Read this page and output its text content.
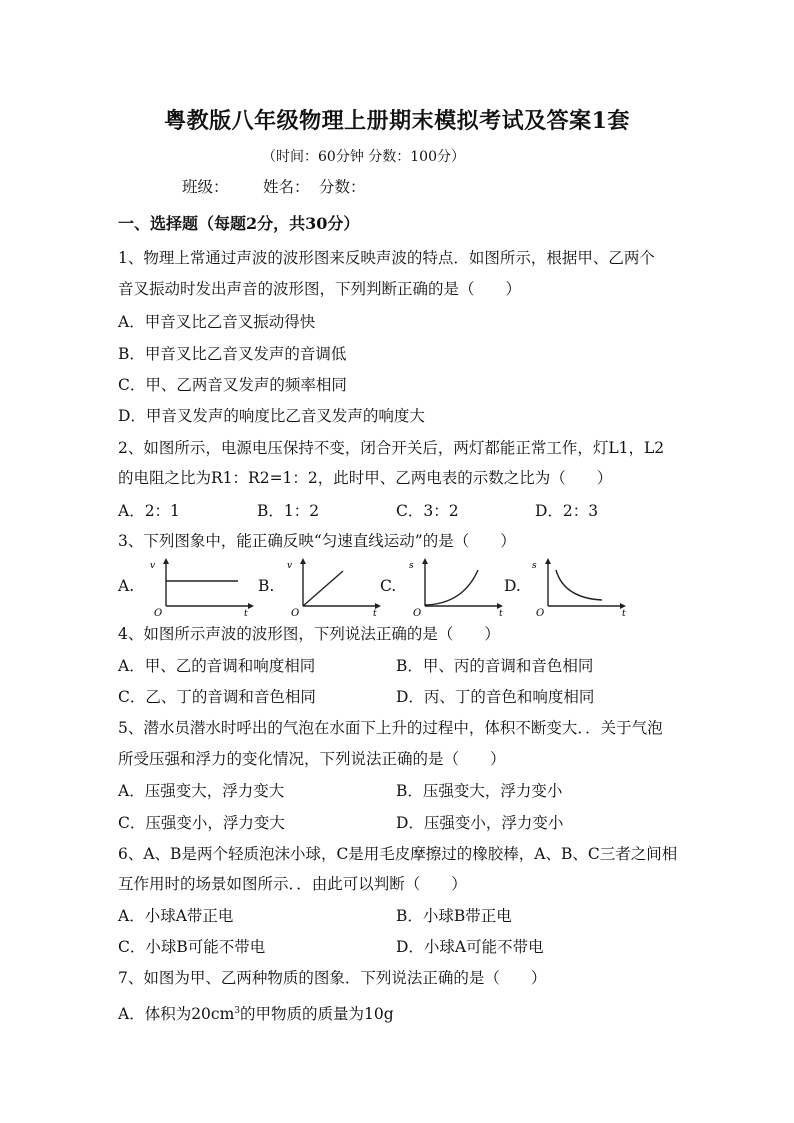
粤教版八年级物理上册期末模拟考试及答案1套
（时间：60分钟 分数：100分）
班级： 姓名： 分数：
一、选择题（每题2分，共30分）
1、物理上常通过声波的波形图来反映声波的特点．如图所示，根据甲、乙两个
音叉振动时发出声音的波形图，下列判断正确的是（　　）
A．甲音叉比乙音叉振动得快
B．甲音叉比乙音叉发声的音调低
C．甲、乙两音叉发声的频率相同
D．甲音叉发声的响度比乙音叉发声的响度大
2、如图所示，电源电压保持不变，闭合开关后，两灯都能正常工作，灯L1，L2
的电阻之比为R1：R2=1：2，此时甲、乙两电表的示数之比为（　　）
A．2：1	B．1：2	C．3：2	D．2：3
3、下列图象中，能正确反映“匀速直线运动”的是（　　）
A.
v
t
O
B.
v
t
O
C.
s
t
O
D.
s
t
O
4、如图所示声波的波形图，下列说法正确的是（　　）
A．甲、乙的音调和响度相同	B．甲、丙的音调和音色相同
C．乙、丁的音调和音色相同	D．丙、丁的音色和响度相同
5、潜水员潜水时呼出的气泡在水面下上升的过程中，体积不断变大．．关于气泡
所受压强和浮力的变化情况，下列说法正确的是（　　）
A．压强变大，浮力变大	B．压强变大，浮力变小
C．压强变小，浮力变大	D．压强变小，浮力变小
6、A、B是两个轻质泡沫小球，C是用毛皮摩擦过的橡胶棒，A、B、C三者之间相
互作用时的场景如图所示．．由此可以判断（　　）
A．小球A带正电	B．小球B带正电
C．小球B可能不带电	D．小球A可能不带电
7、如图为甲、乙两种物质的图象．下列说法正确的是（　　）
A．体积为$20cm^3$的甲物质的质量为10g
